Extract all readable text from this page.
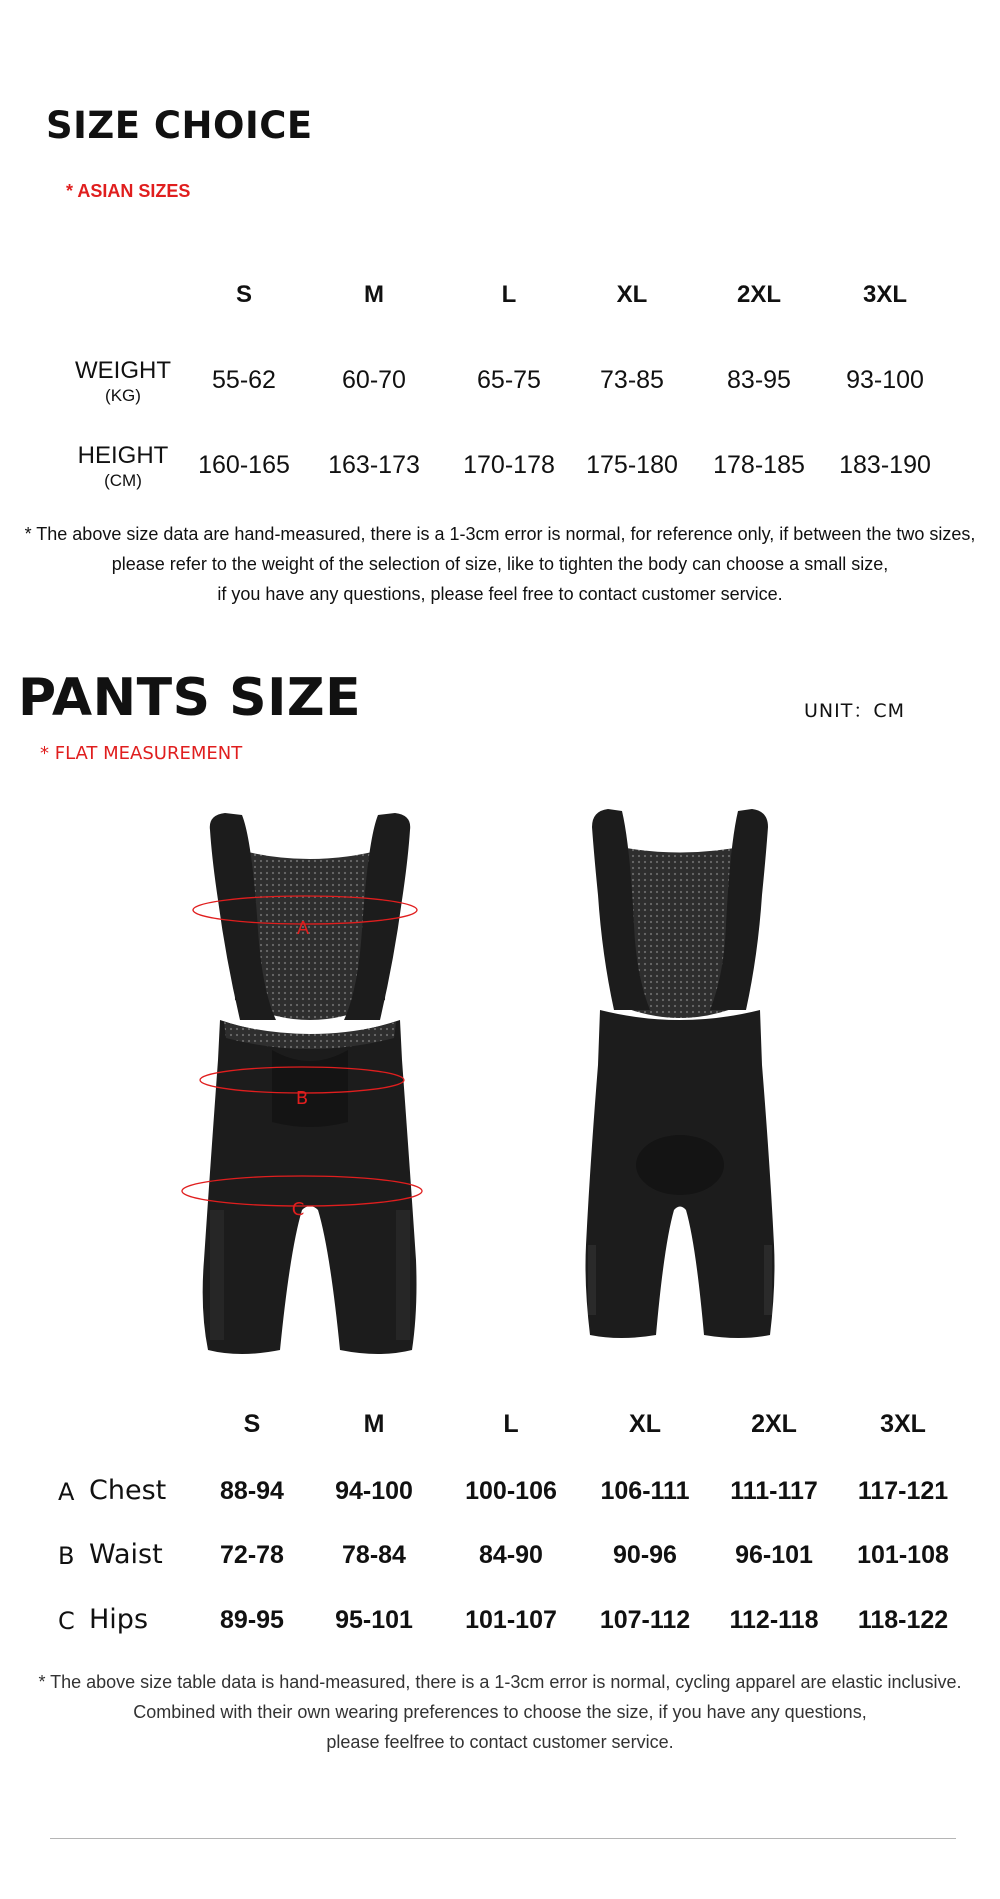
SIZE CHOICE
* ASIAN SIZES
S	M	L	XL	2XL	3XL
WEIGHT
(KG)
55-62	60-70	65-75	73-85	83-95	93-100
HEIGHT
(CM)
160-165	163-173	170-178	175-180	178-185	183-190
* The above size data are hand-measured, there is a 1-3cm error is normal, for reference only, if between the two sizes,
please refer to the weight of the selection of size, like to tighten the body can choose a small size,
if you have any questions, please feel free to contact customer service.
PANTS SIZE	UNIT：CM
* FLAT MEASUREMENT
A
B
C
S	M	L	XL	2XL	3XL
A Chest	88-94	94-100	100-106	106-111	111-117	117-121
B Waist	72-78	78-84	84-90	90-96	96-101	101-108
C Hips	89-95	95-101	101-107	107-112	112-118	118-122
* The above size table data is hand-measured, there is a 1-3cm error is normal, cycling apparel are elastic inclusive.
Combined with their own wearing preferences to choose the size, if you have any questions,
please feelfree to contact customer service.
